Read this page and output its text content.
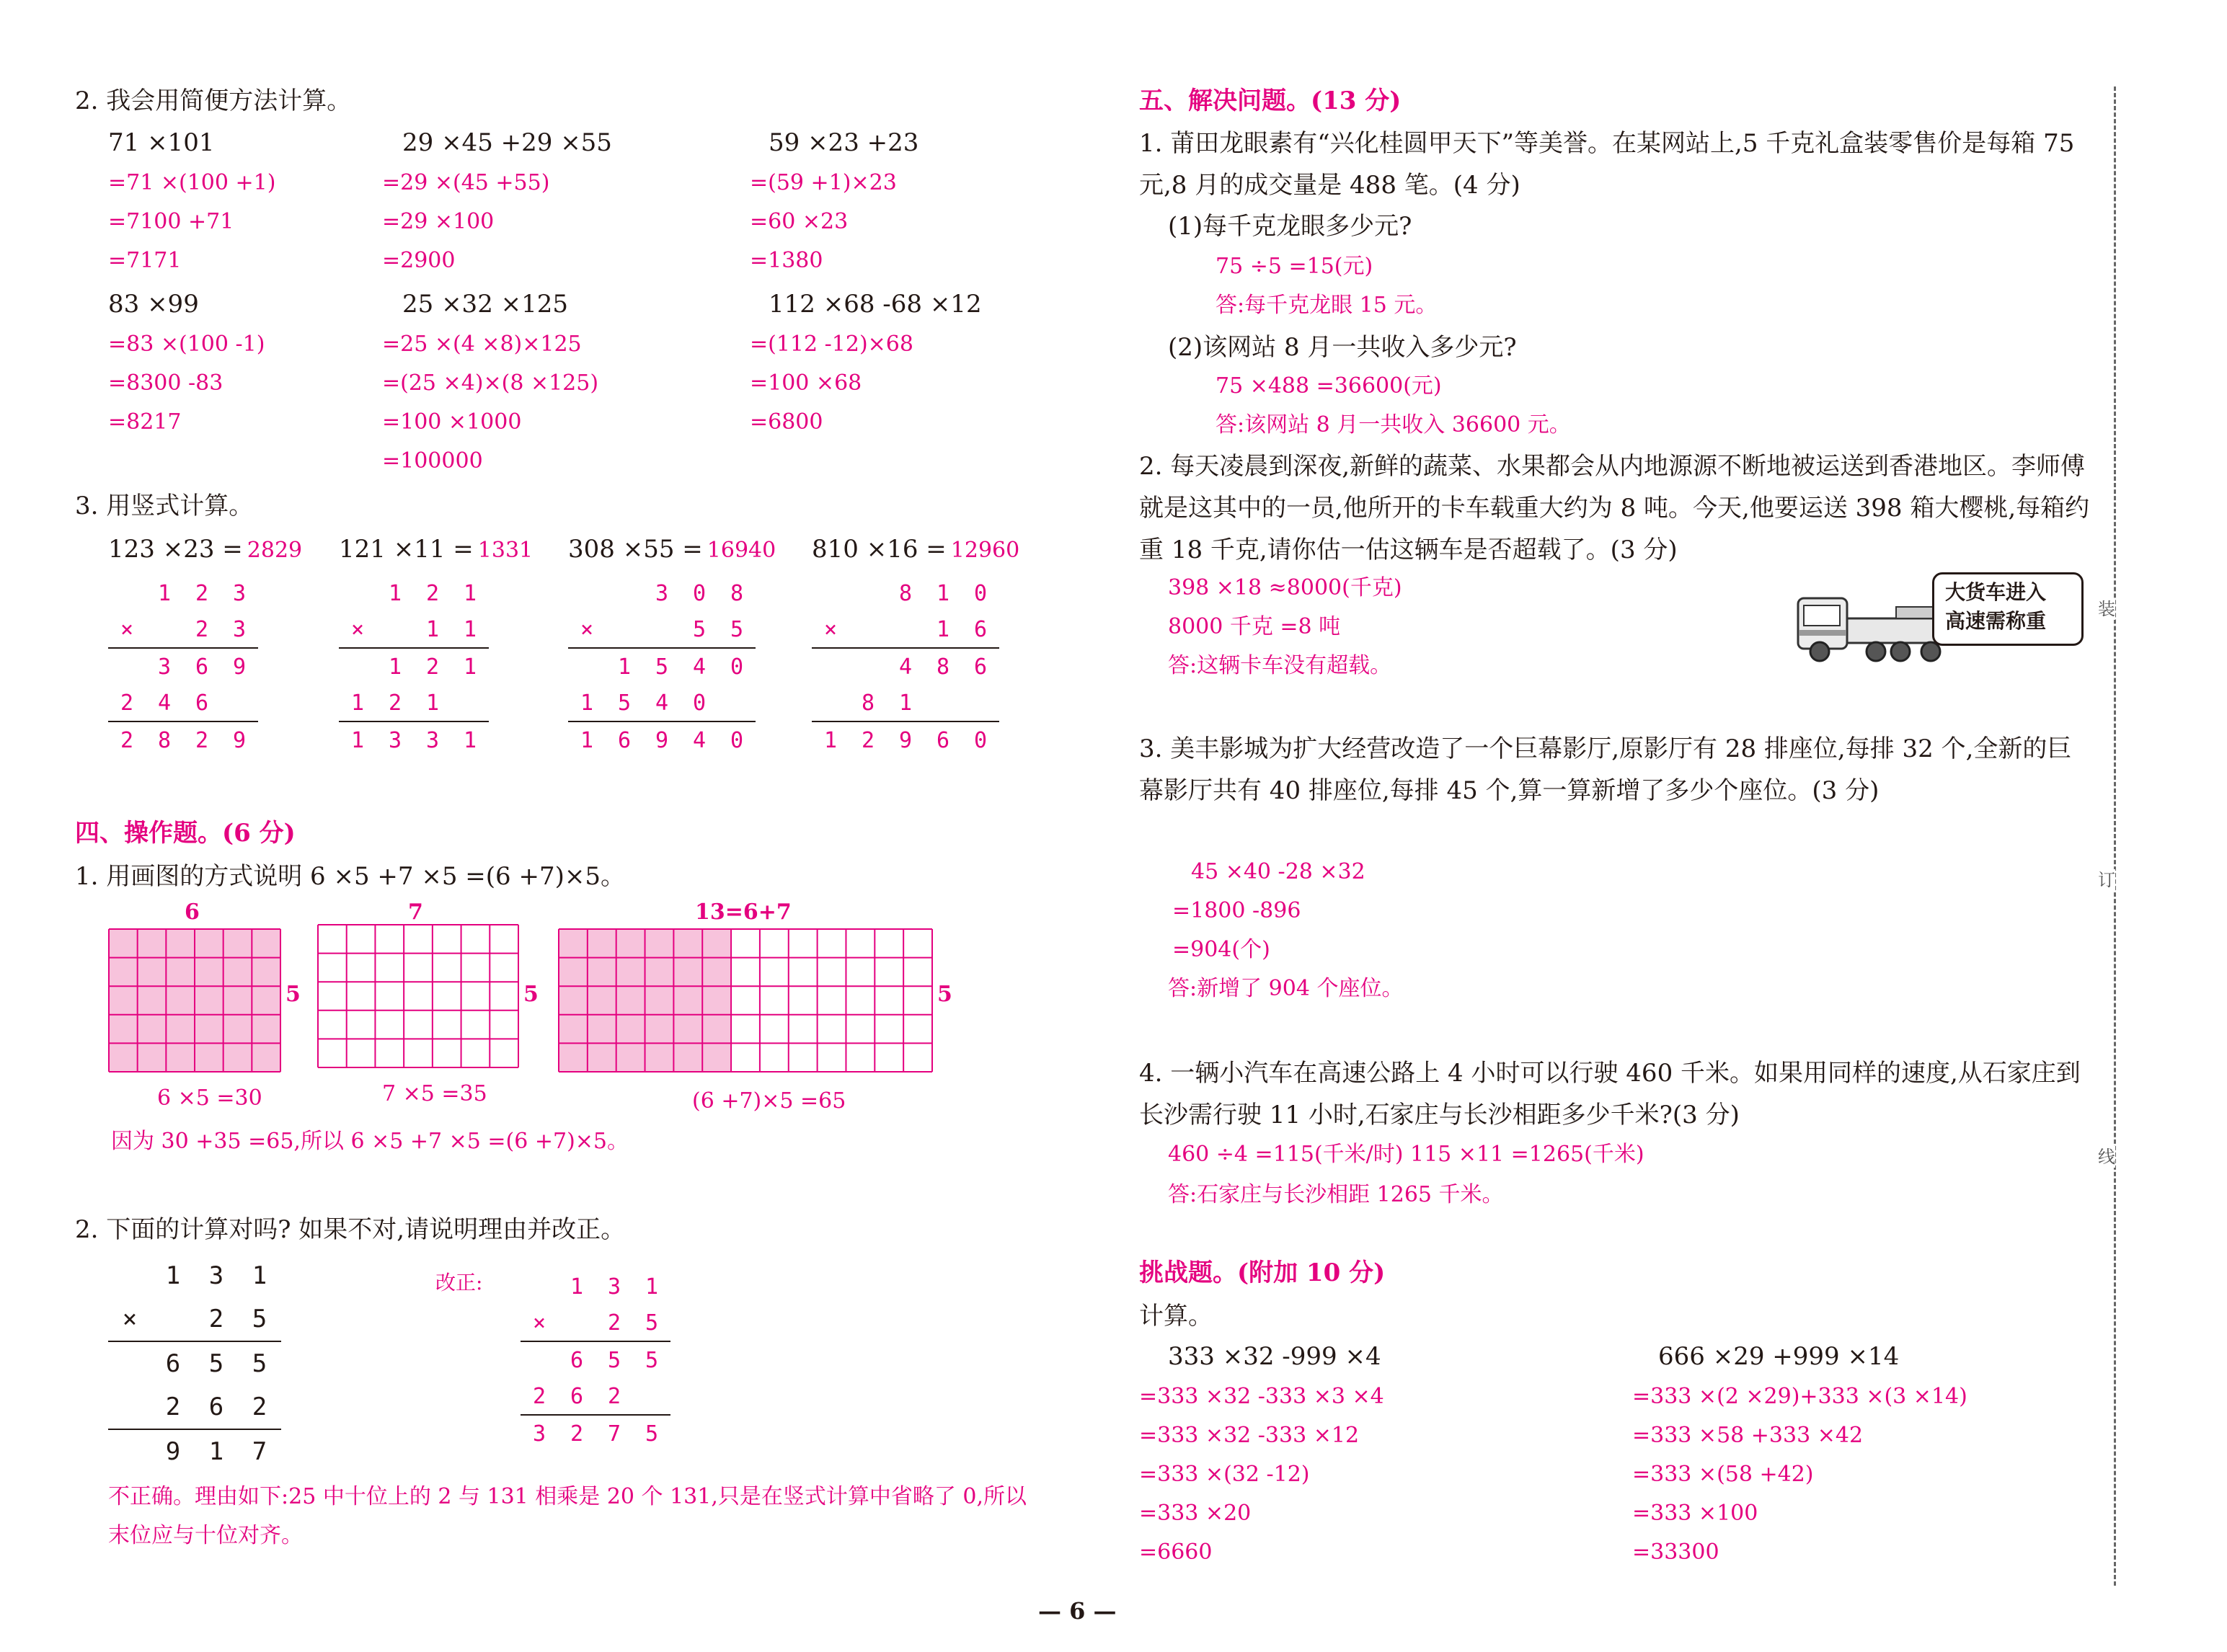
2. 我会用简便方法计算。
71 ×101
=71 ×(100 +1)
=7100 +71
=7171
29 ×45 +29 ×55
=29 ×(45 +55)
=29 ×100
=2900
59 ×23 +23
=(59 +1)×23
=60 ×23
=1380
83 ×99
=83 ×(100 -1)
=8300 -83
=8217
25 ×32 ×125
=25 ×(4 ×8)×125
=(25 ×4)×(8 ×125)
=100 ×1000
=100000
112 ×68 -68 ×12
=(112 -12)×68
=100 ×68
=6800
3. 用竖式计算。
123 ×23 = 2829
1	2	3
×	2	3
3	6	9
2	4	6
2	8	2	9
121 ×11 = 1331
1	2	1
×	1	1
1	2	1
1	2	1
1	3	3	1
308 ×55 = 16940
3	0	8
×	5	5
1	5	4	0
1	5	4	0
1	6	9	4	0
810 ×16 = 12960
8	1	0
×	1	6
4	8	6
8	1
1	2	9	6	0
四、操作题。(6 分)
1. 用画图的方式说明 6 ×5 +7 ×5 =(6 +7)×5。
6
5
6 ×5 =30
7
5
7 ×5 =35
13=6+7
5
(6 +7)×5 =65
因为 30 +35 =65,所以 6 ×5 +7 ×5 =(6 +7)×5。
2. 下面的计算对吗? 如果不对,请说明理由并改正。
1	3	1
×	2	5
6	5	5
2	6	2
9	1	7
改正:	1	3	1
×	2	5
6	5	5
2	6	2
3	2	7	5
不正确。理由如下:25 中十位上的 2 与 131 相乘是 20 个 131,只是在竖式计算中省略了 0,所以末位应与十位对齐。
五、解决问题。(13 分)
1. 莆田龙眼素有“兴化桂圆甲天下”等美誉。在某网站上,5 千克礼盒装零售价是每箱 75 元,8 月的成交量是 488 笔。(4 分)
(1)每千克龙眼多少元?
75 ÷5 =15(元)
答:每千克龙眼 15 元。
(2)该网站 8 月一共收入多少元?
75 ×488 =36600(元)
答:该网站 8 月一共收入 36600 元。
2. 每天凌晨到深夜,新鲜的蔬菜、水果都会从内地源源不断地被运送到香港地区。李师傅就是这其中的一员,他所开的卡车载重大约为 8 吨。今天,他要运送 398 箱大樱桃,每箱约重 18 千克,请你估一估这辆车是否超载了。(3 分)
398 ×18 ≈8000(千克)
8000 千克 =8 吨
答:这辆卡车没有超载。
大货车进入
高速需称重
3. 美丰影城为扩大经营改造了一个巨幕影厅,原影厅有 28 排座位,每排 32 个,全新的巨幕影厅共有 40 排座位,每排 45 个,算一算新增了多少个座位。(3 分)
45 ×40 -28 ×32
=1800 -896
=904(个)
答:新增了 904 个座位。
4. 一辆小汽车在高速公路上 4 小时可以行驶 460 千米。如果用同样的速度,从石家庄到长沙需行驶 11 小时,石家庄与长沙相距多少千米?(3 分)
460 ÷4 =115(千米/时) 115 ×11 =1265(千米)
答:石家庄与长沙相距 1265 千米。
挑战题。(附加 10 分)
计算。
333 ×32 -999 ×4
=333 ×32 -333 ×3 ×4
=333 ×32 -333 ×12
=333 ×(32 -12)
=333 ×20
=6660
666 ×29 +999 ×14
=333 ×(2 ×29)+333 ×(3 ×14)
=333 ×58 +333 ×42
=333 ×(58 +42)
=333 ×100
=33300
装
订
线
— 6 —
